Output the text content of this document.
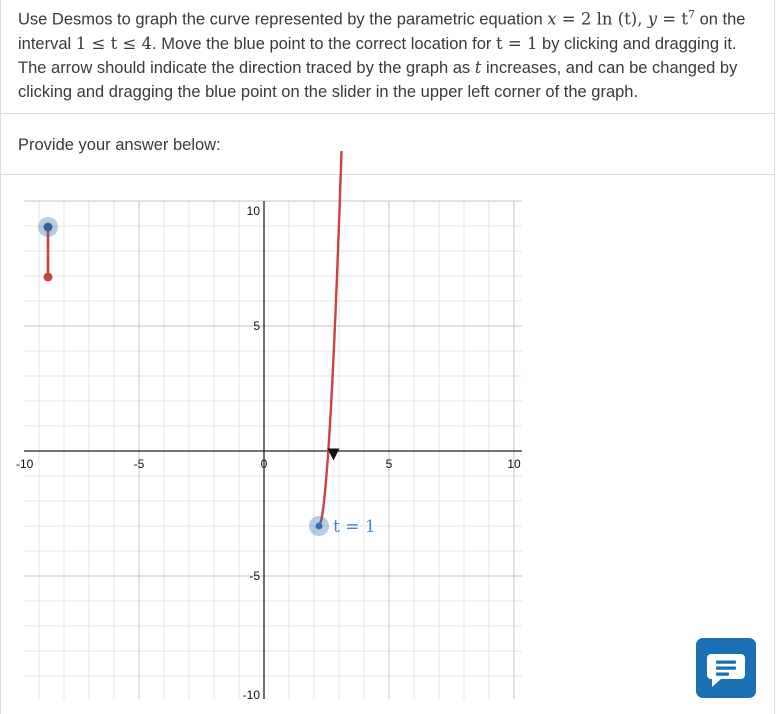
Use Desmos to graph the curve represented by the parametric equation x = 2 ln (t), $y = t^7$ on the interval 1 ≤ t ≤ 4. Move the blue point to the correct location for t = 1 by clicking and dragging it. The arrow should indicate the direction traced by the graph as t increases, and can be changed by clicking and dragging the blue point on the slider in the upper left corner of the graph.
Provide your answer below:
-10	-5	0	5	10
10
5
-5
-10
t = 1
